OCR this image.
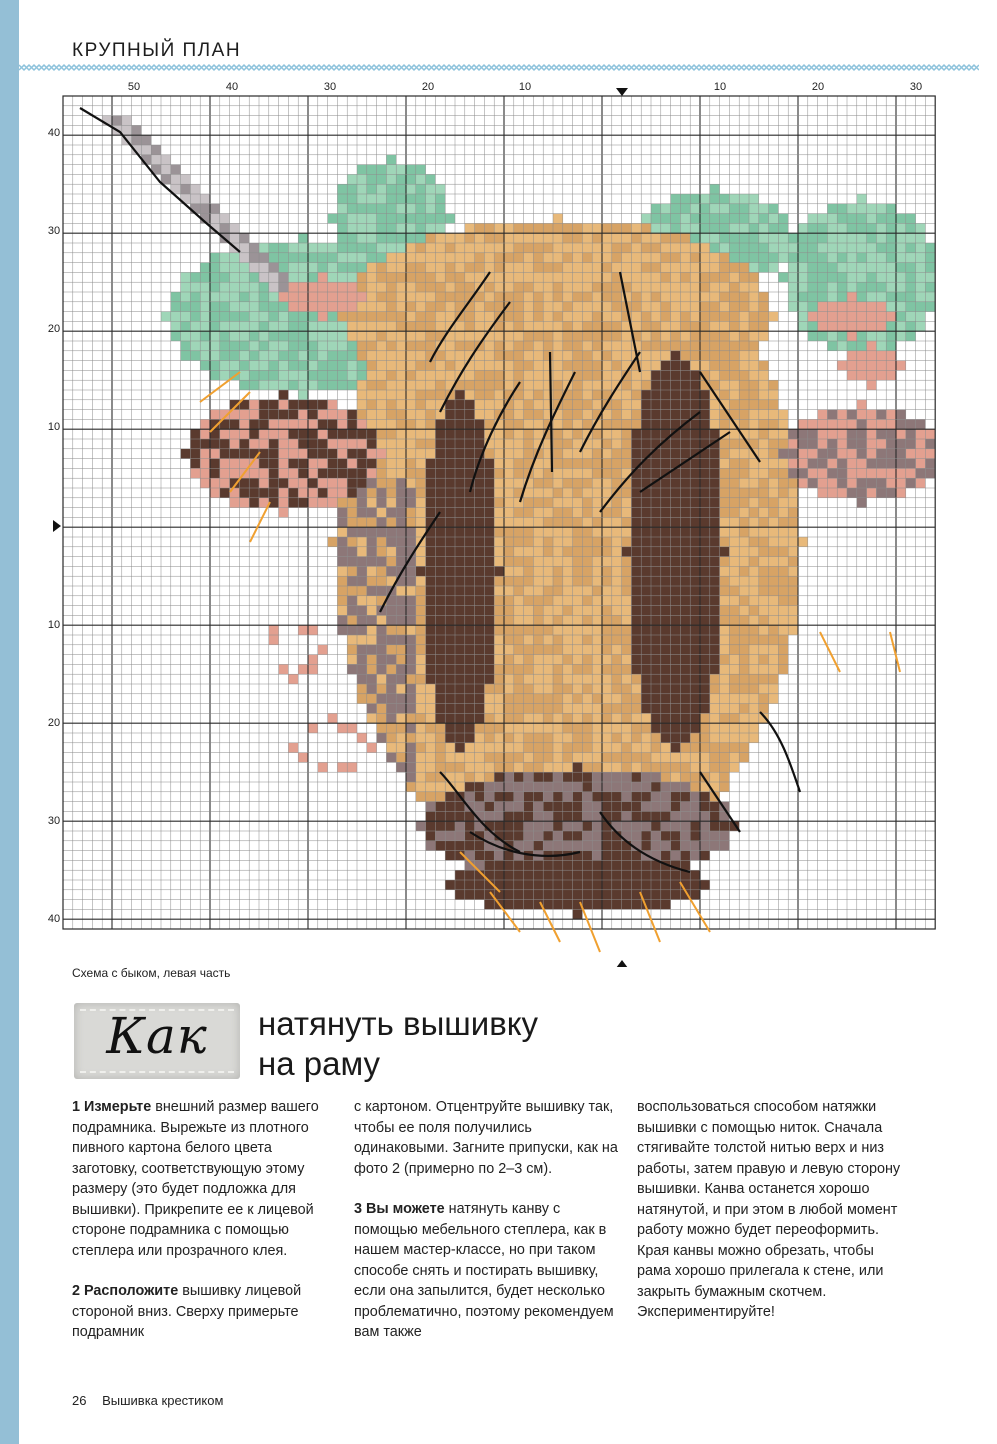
КРУПНЫЙ ПЛАН
50	40	30	20	10	10	20	30
40
30
20
10
10
20
30
40
Схема с быком, левая часть
Как	натянуть вышивку
на раму

1 Измерьте внешний размер вашего подрамника. Вырежьте из плотного пивного картона белого цвета заготовку, соответствующую этому размеру (это будет подложка для вышивки). Прикрепите ее к лицевой стороне подрамника с помощью степлера или прозрачного клея.

2 Расположите вышивку лицевой стороной вниз. Сверху примерьте подрамник

с картоном. Отцентруйте вышивку так, чтобы ее поля получились одинаковыми. Загните припуски, как на фото 2 (примерно по 2–3 см).

3 Вы можете натянуть канву с помощью мебельного степлера, как в нашем мастер-классе, но при таком способе снять и постирать вышивку, если она запылится, будет несколько проблематично, поэтому рекомендуем вам также

воспользоваться способом натяжки вышивки с помощью ниток. Сначала стягивайте толстой нитью верх и низ работы, затем правую и левую сторону вышивки. Канва останется хорошо натянутой, и при этом в любой момент работу можно будет переоформить. Края канвы можно обрезать, чтобы рама хорошо прилегала к стене, или закрыть бумажным скотчем. Экспериментируйте!

26 Вышивка крестиком
